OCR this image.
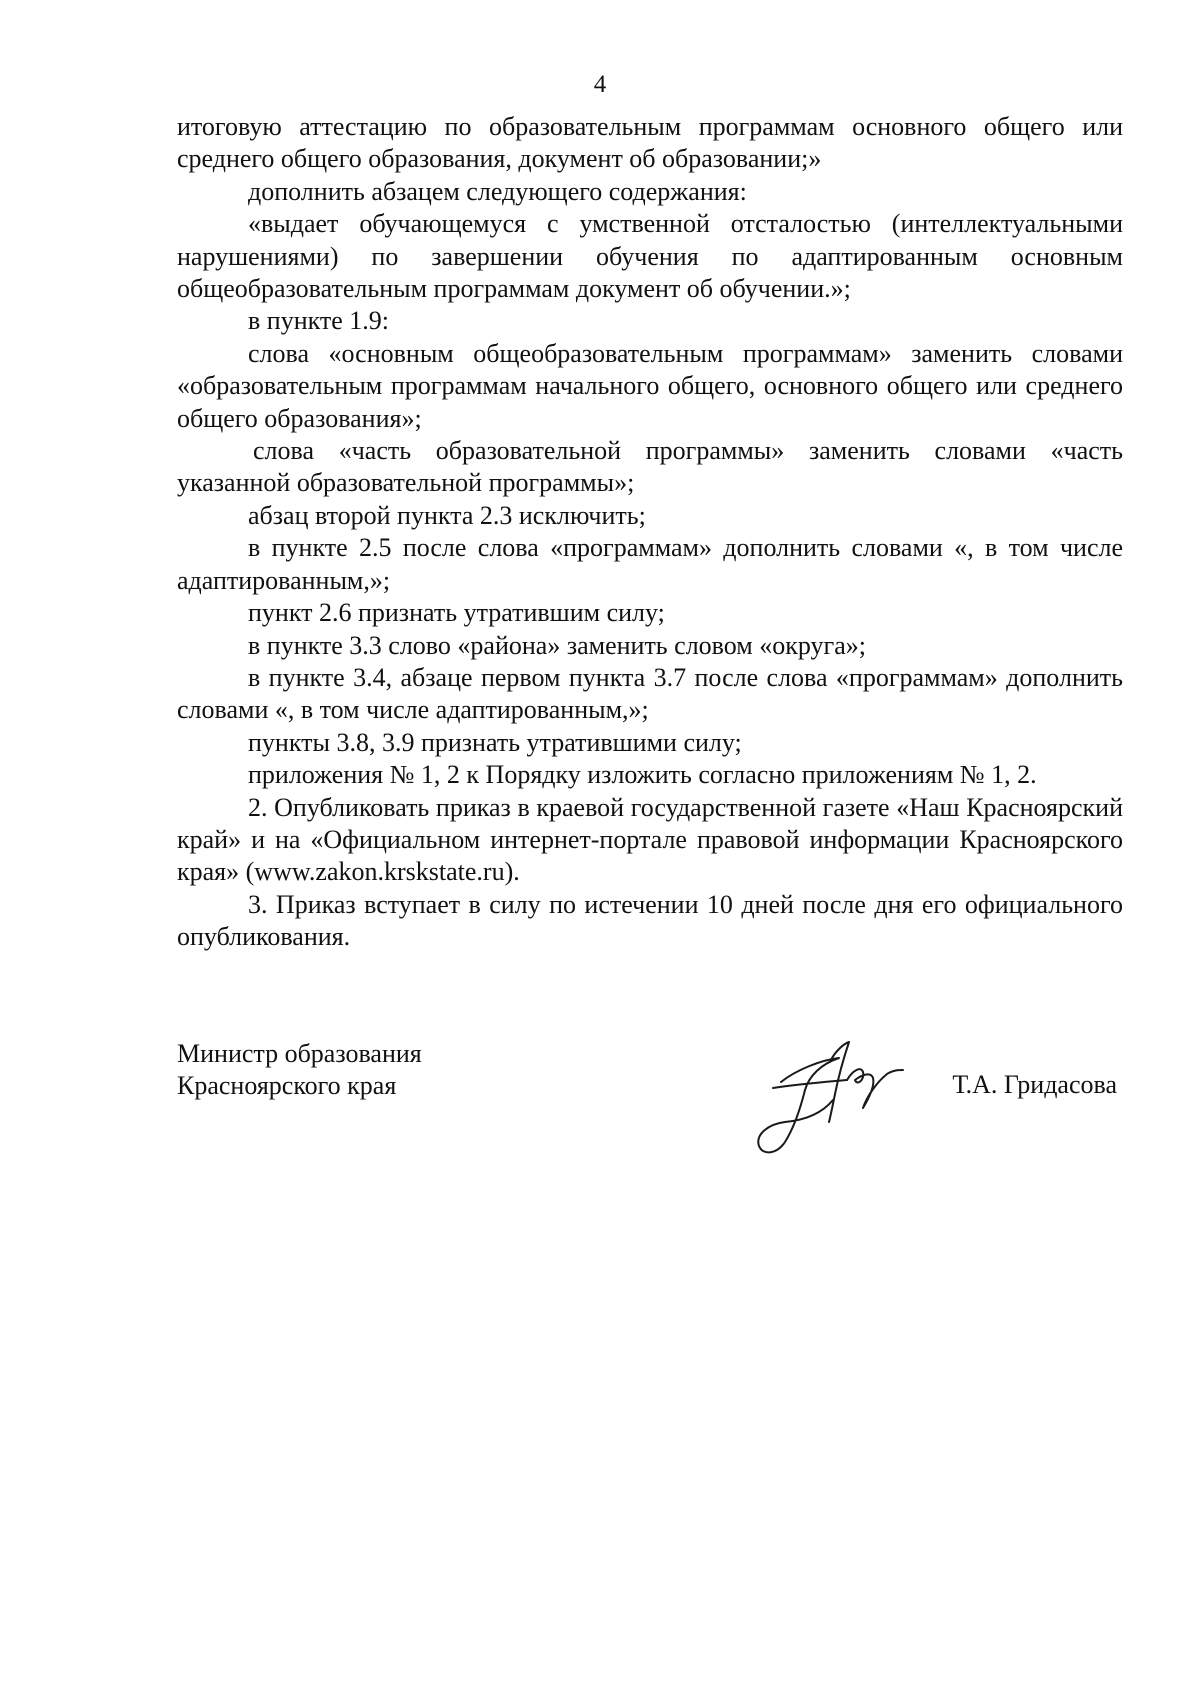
4

итоговую аттестацию по образовательным программам основного общего или среднего общего образования, документ об образовании;»

дополнить абзацем следующего содержания:

«выдает обучающемуся с умственной отсталостью (интеллектуальными нарушениями) по завершении обучения по адаптированным основным общеобразовательным программам документ об обучении.»;

в пункте 1.9:

слова «основным общеобразовательным программам» заменить словами «образовательным программам начального общего, основного общего или среднего общего образования»;

слова «часть образовательной программы» заменить словами «часть указанной образовательной программы»;

абзац второй пункта 2.3 исключить;

в пункте 2.5 после слова «программам» дополнить словами «, в том числе адаптированным,»;

пункт 2.6 признать утратившим силу;

в пункте 3.3 слово «района» заменить словом «округа»;

в пункте 3.4, абзаце первом пункта 3.7 после слова «программам» дополнить словами «, в том числе адаптированным,»;

пункты 3.8, 3.9 признать утратившими силу;

приложения № 1, 2 к Порядку изложить согласно приложениям № 1, 2.

2. Опубликовать приказ в краевой государственной газете «Наш Красноярский край» и на «Официальном интернет-портале правовой информации Красноярского края» (www.zakon.krskstate.ru).

3. Приказ вступает в силу по истечении 10 дней после дня его официального опубликования.

Министр образования
Красноярского края	Т.А. Гридасова
